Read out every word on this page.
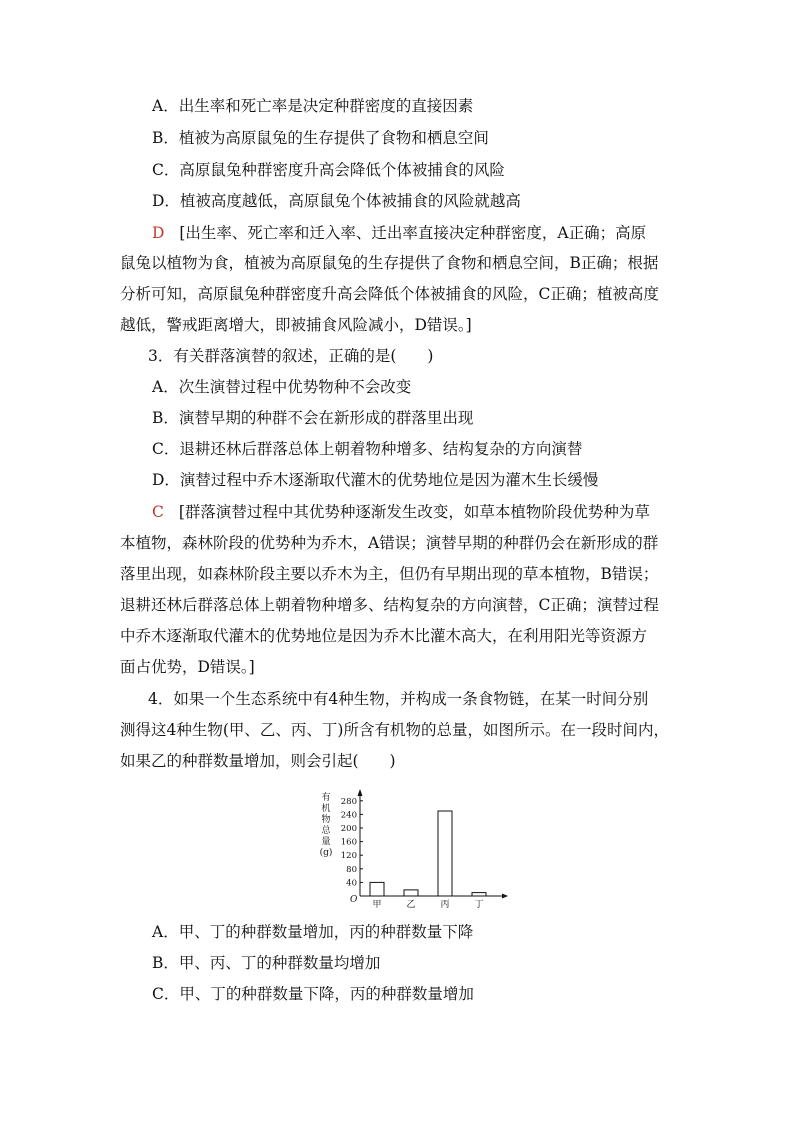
A．出生率和死亡率是决定种群密度的直接因素
B．植被为高原鼠兔的生存提供了食物和栖息空间
C．高原鼠兔种群密度升高会降低个体被捕食的风险
D．植被高度越低，高原鼠兔个体被捕食的风险就越高
D [出生率、死亡率和迁入率、迁出率直接决定种群密度，A正确；高原
鼠兔以植物为食，植被为高原鼠兔的生存提供了食物和栖息空间，B正确；根据
分析可知，高原鼠兔种群密度升高会降低个体被捕食的风险，C正确；植被高度
越低，警戒距离增大，即被捕食风险减小，D错误。]
3．有关群落演替的叙述，正确的是(　　)
A．次生演替过程中优势物种不会改变
B．演替早期的种群不会在新形成的群落里出现
C．退耕还林后群落总体上朝着物种增多、结构复杂的方向演替
D．演替过程中乔木逐渐取代灌木的优势地位是因为灌木生长缓慢
C [群落演替过程中其优势种逐渐发生改变，如草本植物阶段优势种为草
本植物，森林阶段的优势种为乔木，A错误；演替早期的种群仍会在新形成的群
落里出现，如森林阶段主要以乔木为主，但仍有早期出现的草本植物，B错误；
退耕还林后群落总体上朝着物种增多、结构复杂的方向演替，C正确；演替过程
中乔木逐渐取代灌木的优势地位是因为乔木比灌木高大，在利用阳光等资源方
面占优势，D错误。]
4．如果一个生态系统中有4种生物，并构成一条食物链，在某一时间分别
测得这4种生物(甲、乙、丙、丁)所含有机物的总量，如图所示。在一段时间内，
如果乙的种群数量增加，则会引起(　　)
有
机
物
总
量
(g)
O
40
80
120
160
200
240
280
甲	乙	丙	丁
A．甲、丁的种群数量增加，丙的种群数量下降
B．甲、丙、丁的种群数量均增加
C．甲、丁的种群数量下降，丙的种群数量增加
